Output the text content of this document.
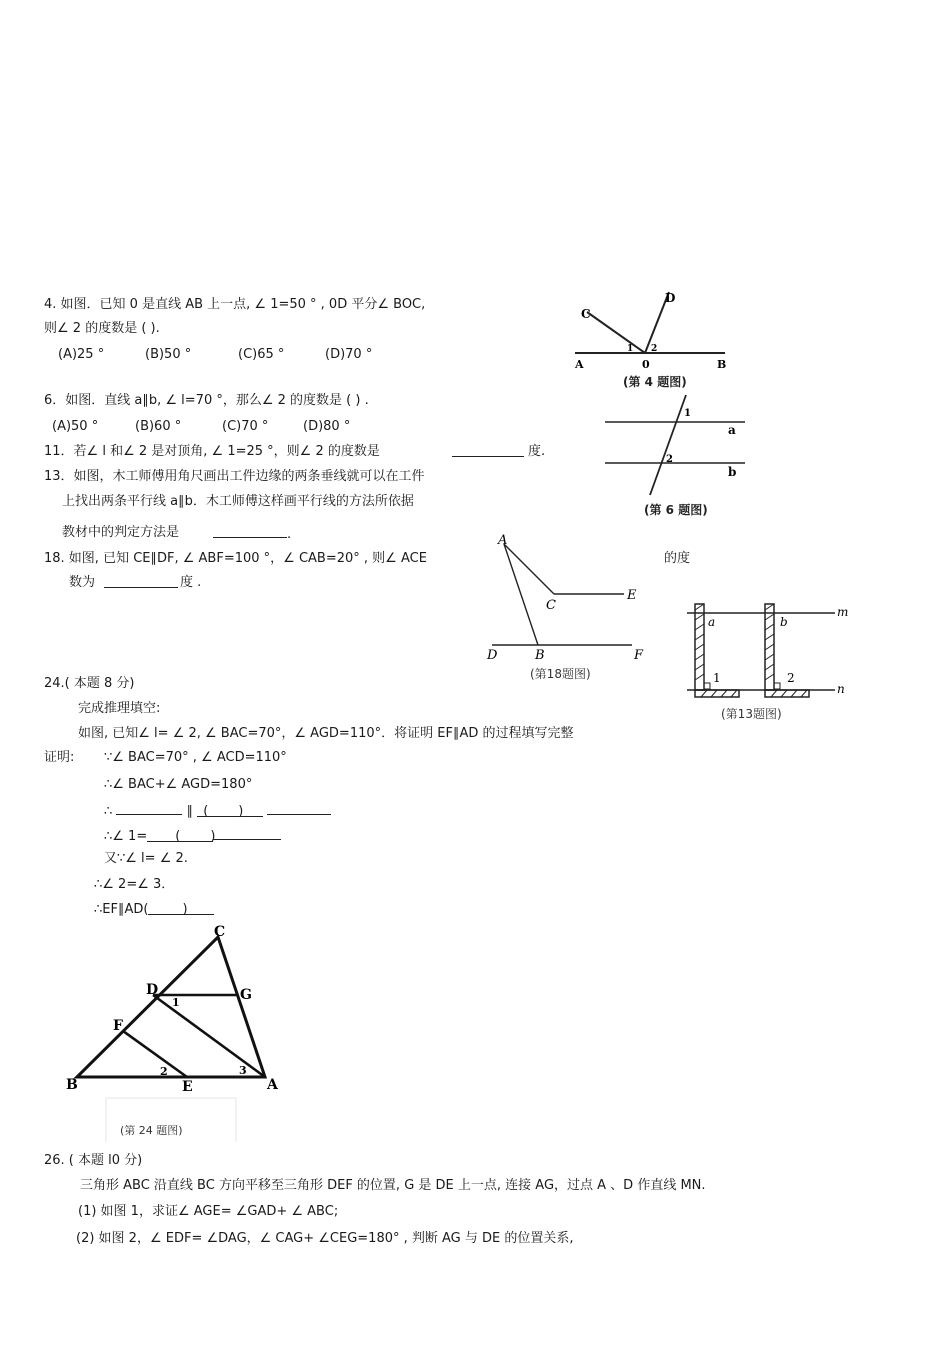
4. 如图．已知 0 是直线 AB 上一点, ∠ 1=50 ° , 0D 平分∠ BOC,
则∠ 2 的度数是 ( ).
(A)25 °	(B)50 °	(C)65 °	(D)70 °
C
D
1 2
A	0	B
(第 4 题图)
6．如图．直线 a∥b, ∠ l=70 °，那么∠ 2 的度数是 ( ) .
(A)50 °	(B)60 °	(C)70 °	(D)80 °
1
a
2
b
(第 6 题图)
11．若∠ l 和∠ 2 是对顶角, ∠ 1=25 °，则∠ 2 的度数是	度.
13．如图，木工师傅用角尺画出工件边缘的两条垂线就可以在工件
上找出两条平行线 a∥b．木工师傅这样画平行线的方法所依据
教材中的判定方法是	.
m
a	b
1	2
n
(第13题图)
18. 如图, 已知 CE∥DF, ∠ ABF=100 °，∠ CAB=20° , 则∠ ACE	的度
数为	度 .
A
C
E
D	B	F
(第18题图)
24.( 本题 8 分)
完成推理填空:
如图, 已知∠ l= ∠ 2, ∠ BAC=70°，∠ AGD=110°．将证明 EF∥AD 的过程填写完整
证明: ∵∠ BAC=70° , ∠ ACD=110°
∴∠ BAC+∠ AGD=180°
∴	∥ ( )
∴∠ 1= ( )
又∵∠ l= ∠ 2.
∴∠ 2=∠ 3．
∴EF∥AD(	)
C
D
1	G
F
B
2
E
3
A
(第 24 题图)
26. ( 本题 l0 分)
三角形 ABC 沿直线 BC 方向平移至三角形 DEF 的位置, G 是 DE 上一点, 连接 AG，过点 A 、D 作直线 MN.
(1) 如图 1，求证∠ AGE= ∠GAD+ ∠ ABC;
(2) 如图 2，∠ EDF= ∠DAG，∠ CAG+ ∠CEG=180° , 判断 AG 与 DE 的位置关系,
